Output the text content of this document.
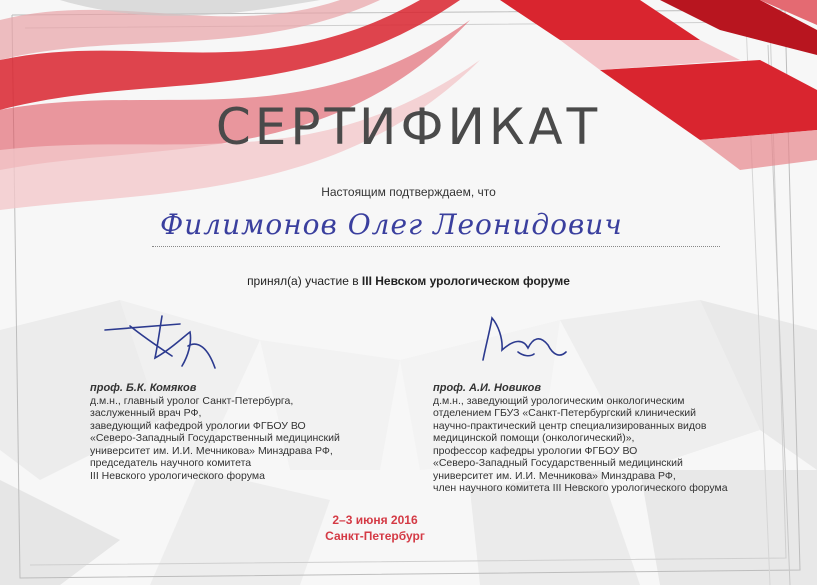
СЕРТИФИКАТ
Настоящим подтверждаем, что
Филимонов Олег Леонидович
принял(а) участие в III Невском урологическом форуме
проф. Б.К. Комяков
д.м.н., главный уролог Санкт-Петербурга,
заслуженный врач РФ,
заведующий кафедрой урологии ФГБОУ ВО
«Северо-Западный Государственный медицинский
университет им. И.И. Мечникова» Минздрава РФ,
председатель научного комитета
III Невского урологического форума
проф. А.И. Новиков
д.м.н., заведующий урологическим онкологическим
отделением ГБУЗ «Санкт-Петербургский клинический
научно-практический центр специализированных видов
медицинской помощи (онкологический)»,
профессор кафедры урологии ФГБОУ ВО
«Северо-Западный Государственный медицинский
университет им. И.И. Мечникова» Минздрава РФ,
член научного комитета III Невского урологического форума
2–3 июня 2016
Санкт-Петербург
